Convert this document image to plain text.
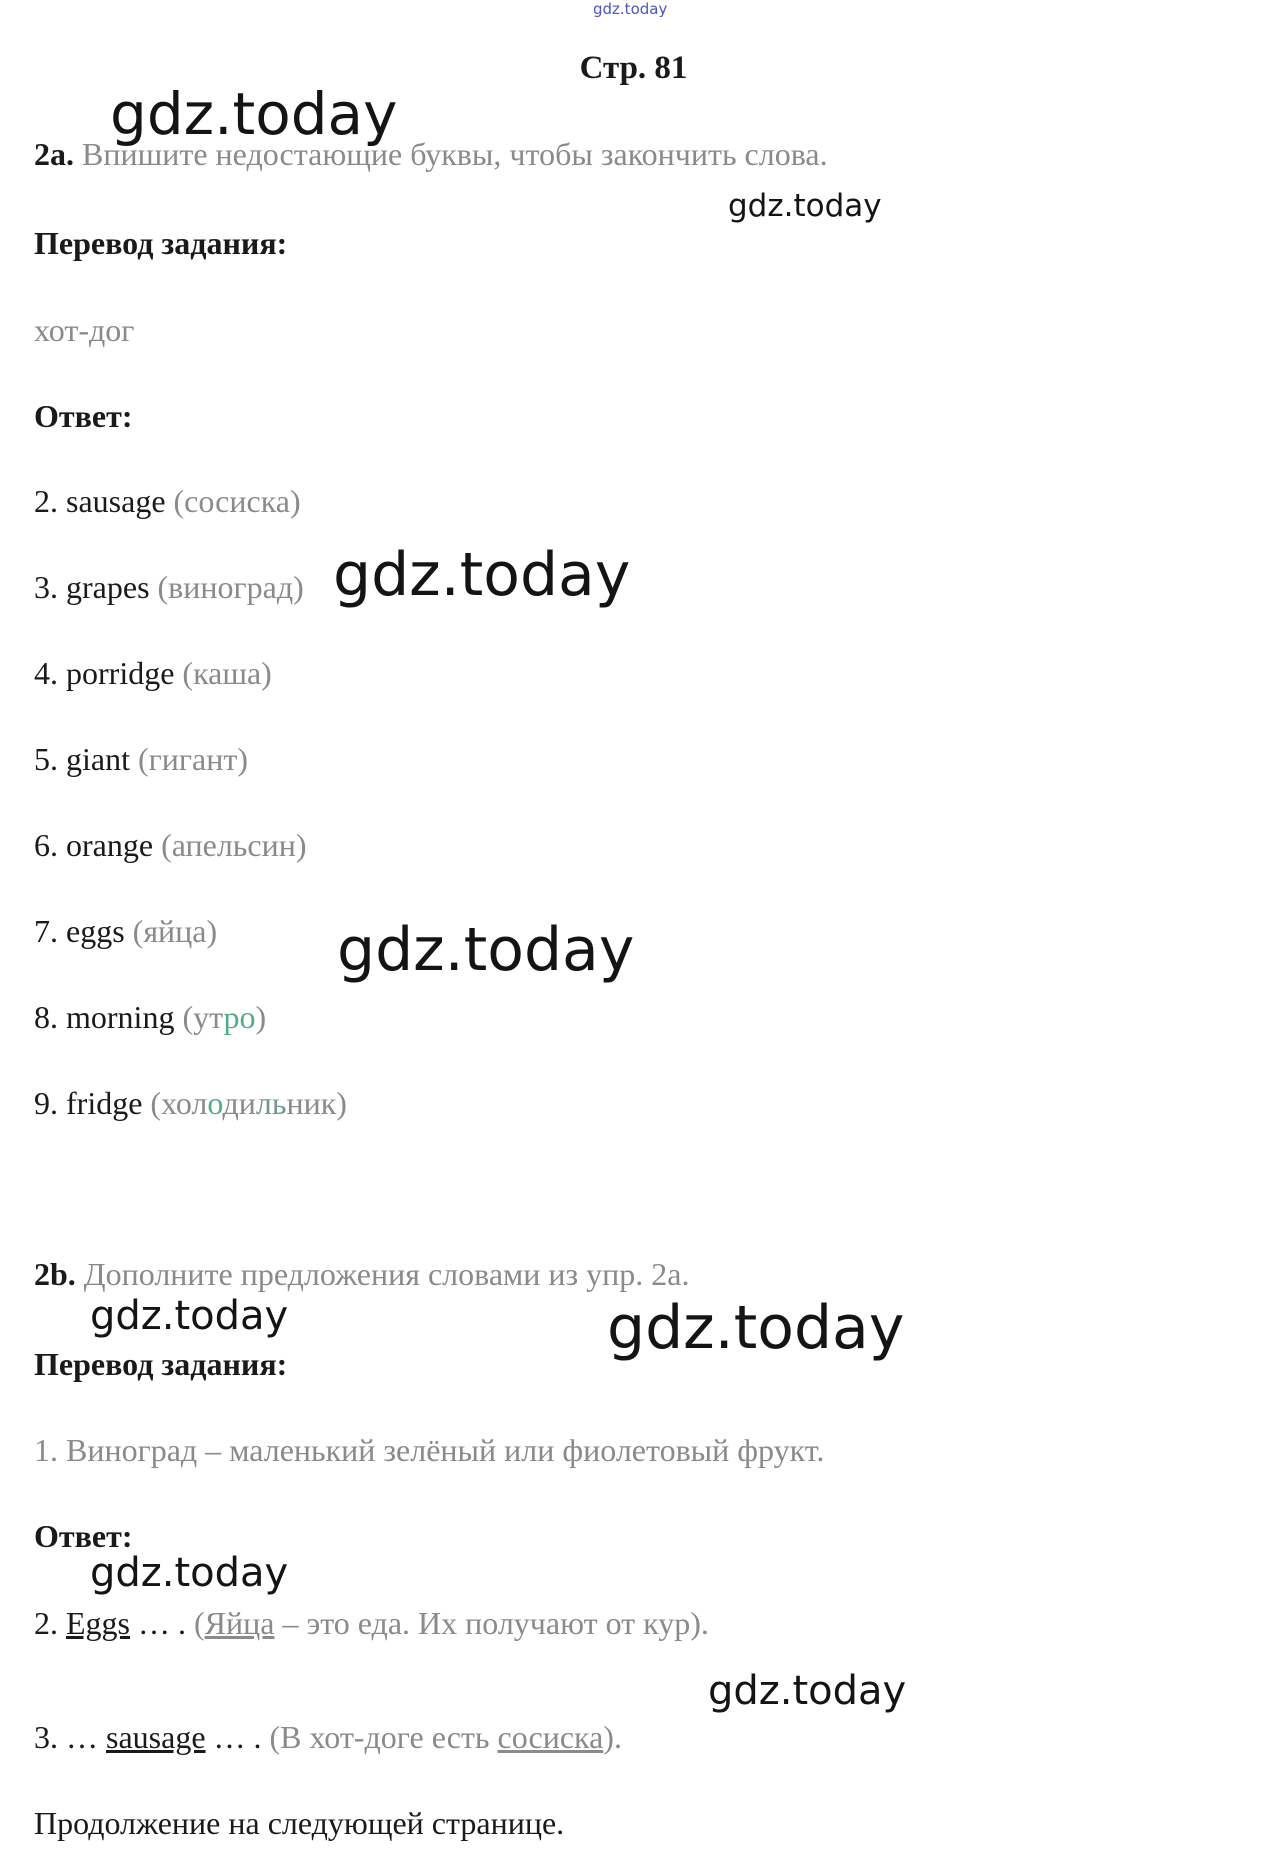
gdz.today
Стр. 81
gdz.today
gdz.today
gdz.today
gdz.today
gdz.today	gdz.today
gdz.today
gdz.today
2a. Впишите недостающие буквы, чтобы закончить слова.
Перевод задания:
хот-дог
Ответ:
2. sausage (сосиска)
3. grapes (виноград)
4. porridge (каша)
5. giant (гигант)
6. orange (апельсин)
7. eggs (яйца)
8. morning (утро)
9. fridge (холодильник)
2b. Дополните предложения словами из упр. 2а.
Перевод задания:
1. Виноград – маленький зелёный или фиолетовый фрукт.
Ответ:
2. Eggs … . (Яйца – это еда. Их получают от кур).
3. … sausage … . (В хот-доге есть сосиска).
Продолжение на следующей странице.
